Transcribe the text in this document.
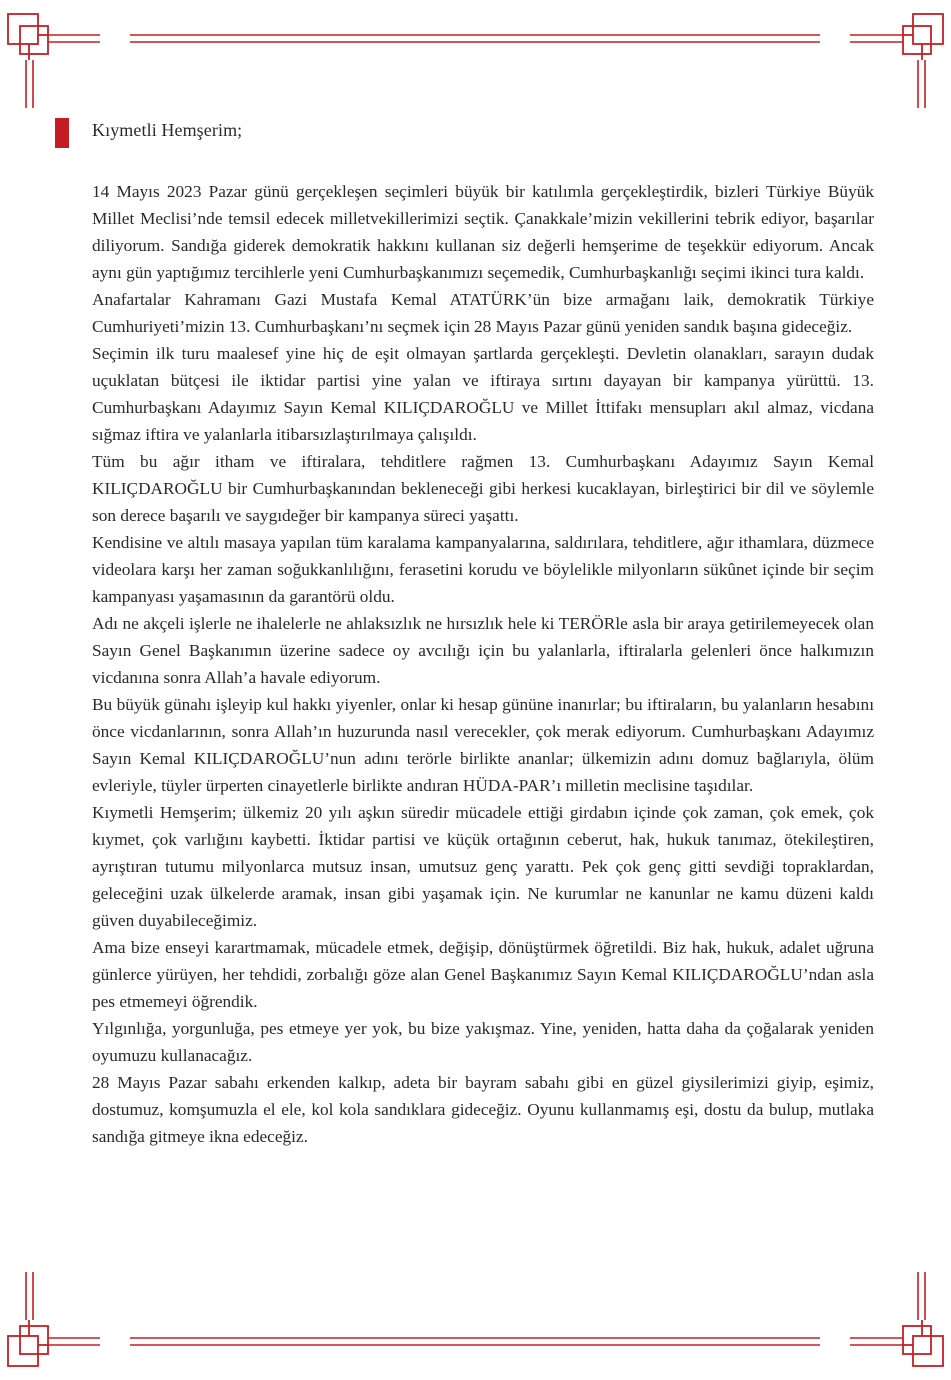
Kıymetli Hemşerim;

14 Mayıs 2023 Pazar günü gerçekleşen seçimleri büyük bir katılımla gerçekleştirdik, bizleri Türkiye Büyük Millet Meclisi’nde temsil edecek milletvekillerimizi seçtik. Çanakkale’mizin vekillerini tebrik ediyor, başarılar diliyorum. Sandığa giderek demokratik hakkını kullanan siz değerli hemşerime de teşekkür ediyorum. Ancak aynı gün yaptığımız tercihlerle yeni Cumhurbaşkanımızı seçemedik, Cumhurbaşkanlığı seçimi ikinci tura kaldı.

Anafartalar Kahramanı Gazi Mustafa Kemal ATATÜRK’ün bize armağanı laik, demokratik Türkiye Cumhuriyeti’mizin 13. Cumhurbaşkanı’nı seçmek için 28 Mayıs Pazar günü yeniden sandık başına gideceğiz.

Seçimin ilk turu maalesef yine hiç de eşit olmayan şartlarda gerçekleşti. Devletin olanakları, sarayın dudak uçuklatan bütçesi ile iktidar partisi yine yalan ve iftiraya sırtını dayayan bir kampanya yürüttü. 13. Cumhurbaşkanı Adayımız Sayın Kemal KILIÇDAROĞLU ve Millet İttifakı mensupları akıl almaz, vicdana sığmaz iftira ve yalanlarla itibarsızlaştırılmaya çalışıldı.

Tüm bu ağır itham ve iftiralara, tehditlere rağmen 13. Cumhurbaşkanı Adayımız Sayın Kemal KILIÇDAROĞLU bir Cumhurbaşkanından bekleneceği gibi herkesi kucaklayan, birleştirici bir dil ve söylemle son derece başarılı ve saygıdeğer bir kampanya süreci yaşattı.

Kendisine ve altılı masaya yapılan tüm karalama kampanyalarına, saldırılara, tehditlere, ağır ithamlara, düzmece videolara karşı her zaman soğukkanlılığını, ferasetini korudu ve böylelikle milyonların sükûnet içinde bir seçim kampanyası yaşamasının da garantörü oldu.

Adı ne akçeli işlerle ne ihalelerle ne ahlaksızlık ne hırsızlık hele ki TERÖRle asla bir araya getirilemeyecek olan Sayın Genel Başkanımın üzerine sadece oy avcılığı için bu yalanlarla, iftiralarla gelenleri önce halkımızın vicdanına sonra Allah’a havale ediyorum.

Bu büyük günahı işleyip kul hakkı yiyenler, onlar ki hesap gününe inanırlar; bu iftiraların, bu yalanların hesabını önce vicdanlarının, sonra Allah’ın huzurunda nasıl verecekler, çok merak ediyorum. Cumhurbaşkanı Adayımız Sayın Kemal KILIÇDAROĞLU’nun adını terörle birlikte ananlar; ülkemizin adını domuz bağlarıyla, ölüm evleriyle, tüyler ürperten cinayetlerle birlikte andıran HÜDA-PAR’ı milletin meclisine taşıdılar.

Kıymetli Hemşerim; ülkemiz 20 yılı aşkın süredir mücadele ettiği girdabın içinde çok zaman, çok emek, çok kıymet, çok varlığını kaybetti. İktidar partisi ve küçük ortağının ceberut, hak, hukuk tanımaz, ötekileştiren, ayrıştıran tutumu milyonlarca mutsuz insan, umutsuz genç yarattı. Pek çok genç gitti sevdiği topraklardan, geleceğini uzak ülkelerde aramak, insan gibi yaşamak için. Ne kurumlar ne kanunlar ne kamu düzeni kaldı güven duyabileceğimiz.

Ama bize enseyi karartmamak, mücadele etmek, değişip, dönüştürmek öğretildi. Biz hak, hukuk, adalet uğruna günlerce yürüyen, her tehdidi, zorbalığı göze alan Genel Başkanımız Sayın Kemal KILIÇDAROĞLU’ndan asla pes etmemeyi öğrendik.

Yılgınlığa, yorgunluğa, pes etmeye yer yok, bu bize yakışmaz. Yine, yeniden, hatta daha da çoğalarak yeniden oyumuzu kullanacağız.

28 Mayıs Pazar sabahı erkenden kalkıp, adeta bir bayram sabahı gibi en güzel giysilerimizi giyip, eşimiz, dostumuz, komşumuzla el ele, kol kola sandıklara gideceğiz. Oyunu kullanmamış eşi, dostu da bulup, mutlaka sandığa gitmeye ikna edeceğiz.
